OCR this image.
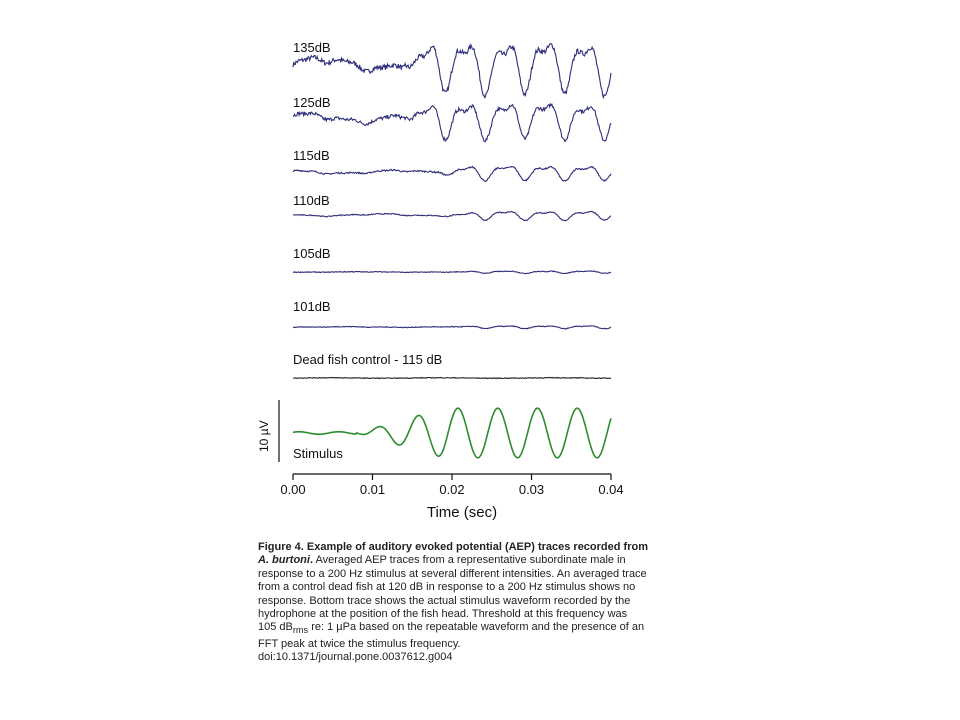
135dB
125dB
115dB
110dB
105dB
101dB
Dead fish control - 115 dB
Stimulus
10 µV
0.00	0.01	0.02	0.03	0.04
Time (sec)
Figure 4. Example of auditory evoked potential (AEP) traces recorded from A. burtoni. Averaged AEP traces from a representative subordinate male in response to a 200 Hz stimulus at several different intensities. An averaged trace from a control dead fish at 120 dB in response to a 200 Hz stimulus shows no response. Bottom trace shows the actual stimulus waveform recorded by the hydrophone at the position of the fish head. Threshold at this frequency was 105 $dB_{rms}$ re: 1 µPa based on the repeatable waveform and the presence of an FFT peak at twice the stimulus frequency.
doi:10.1371/journal.pone.0037612.g004
